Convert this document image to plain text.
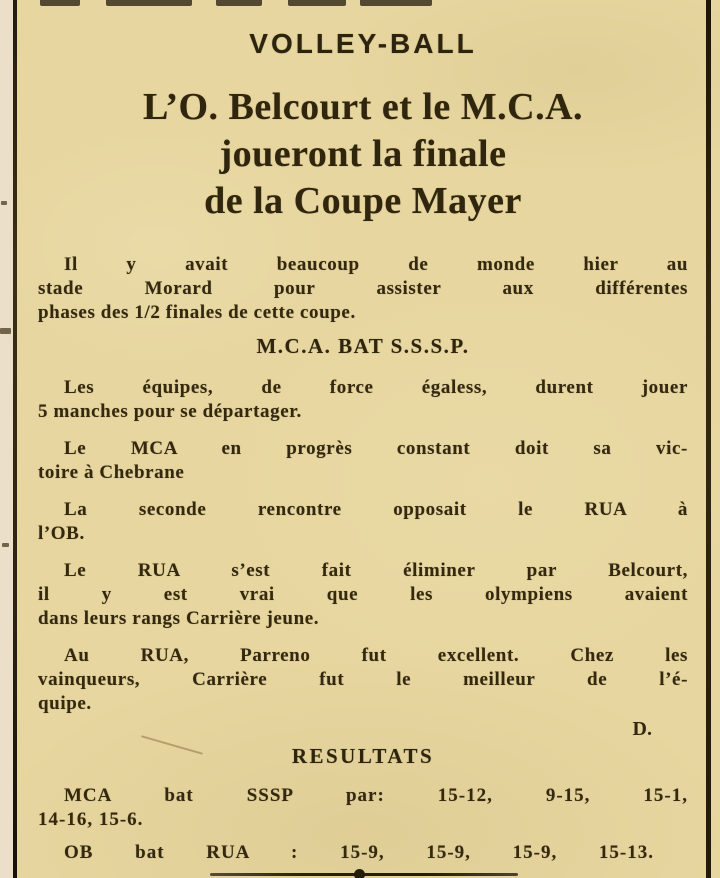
VOLLEY-BALL
L’O. Belcourt et le M.C.A.
joueront la finale
de la Coupe Mayer
Il y avait beaucoup de monde hier au
stade Morard pour assister aux différentes
phases des 1/2 finales de cette coupe.
M.C.A. BAT S.S.S.P.
Les équipes, de force égaless, durent jouer
5 manches pour se départager.
Le MCA en progrès constant doit sa vic-
toire à Chebrane
La seconde rencontre opposait le RUA à
l’OB.
Le RUA s’est fait éliminer par Belcourt,
il y est vrai que les olympiens avaient
dans leurs rangs Carrière jeune.
Au RUA, Parreno fut excellent. Chez les
vainqueurs, Carrière fut le meilleur de l’é-
quipe.
D.
RESULTATS
MCA bat SSSP par: 15-12, 9-15, 15-1,
14-16, 15-6.
OB bat RUA : 15-9, 15-9, 15-9, 15-13.
